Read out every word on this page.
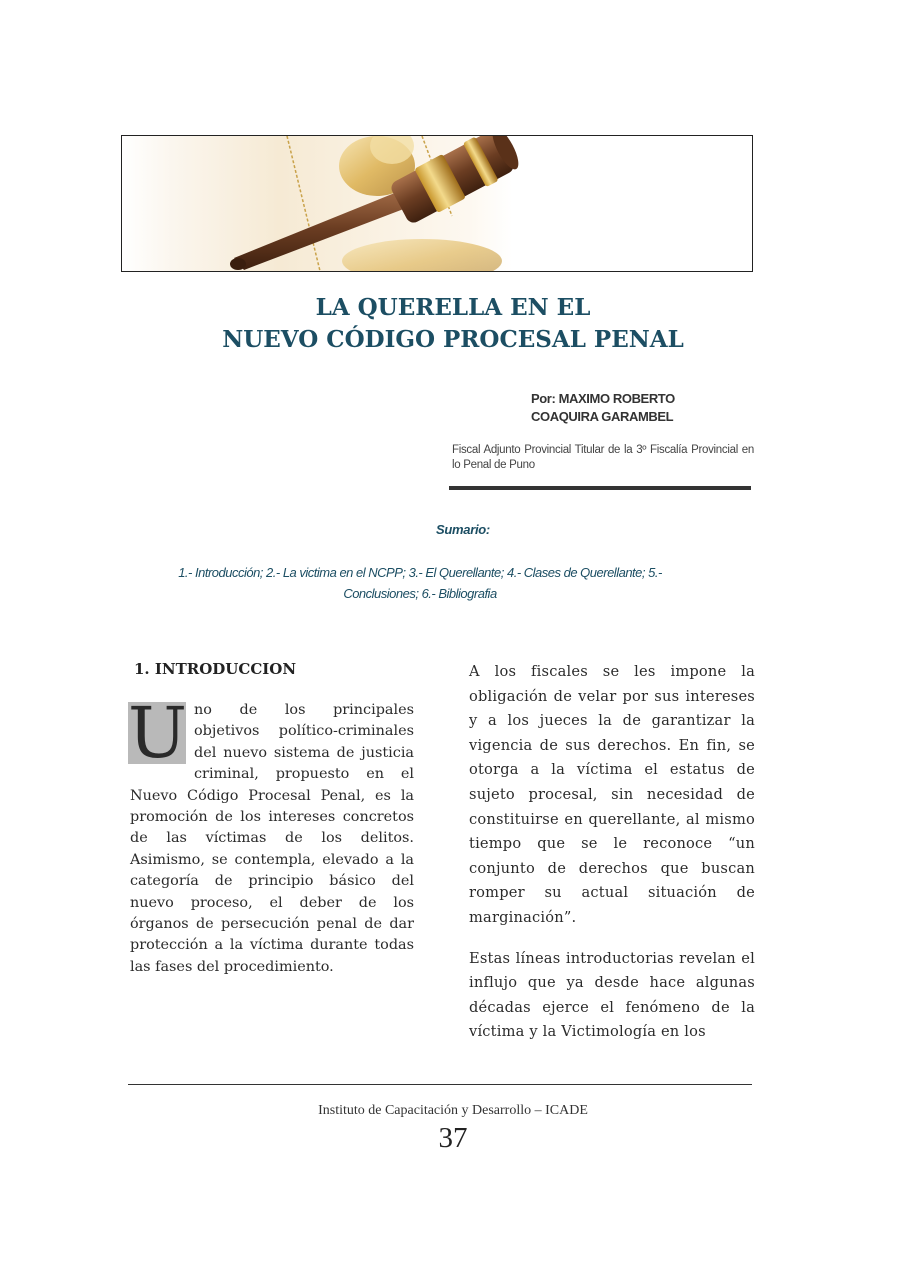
LA QUERELLA EN EL
NUEVO CÓDIGO PROCESAL PENAL
Por: MAXIMO ROBERTO
COAQUIRA GARAMBEL
Fiscal Adjunto Provincial Titular de la 3º Fiscalía Provincial en lo Penal de Puno
Sumario:
1.- Introducción; 2.- La victima en el NCPP; 3.- El Querellante; 4.- Clases de Querellante; 5.- Conclusiones; 6.- Bibliografia
1. INTRODUCCION

U no de los principales objetivos político-criminales del nuevo sistema de justicia criminal, propuesto en el Nuevo Código Procesal Penal, es la promoción de los intereses concretos de las víctimas de los delitos. Asimismo, se contempla, elevado a la categoría de principio básico del nuevo proceso, el deber de los órganos de persecución penal de dar protección a la víctima durante todas las fases del procedimiento.

A los fiscales se les impone la obligación de velar por sus intereses y a los jueces la de garantizar la vigencia de sus derechos. En fin, se otorga a la víctima el estatus de sujeto procesal, sin necesidad de constituirse en querellante, al mismo tiempo que se le reconoce “un conjunto de derechos que buscan romper su actual situación de marginación”.

Estas líneas introductorias revelan el influjo que ya desde hace algunas décadas ejerce el fenómeno de la víctima y la Victimología en los

Instituto de Capacitación y Desarrollo – ICADE
37
